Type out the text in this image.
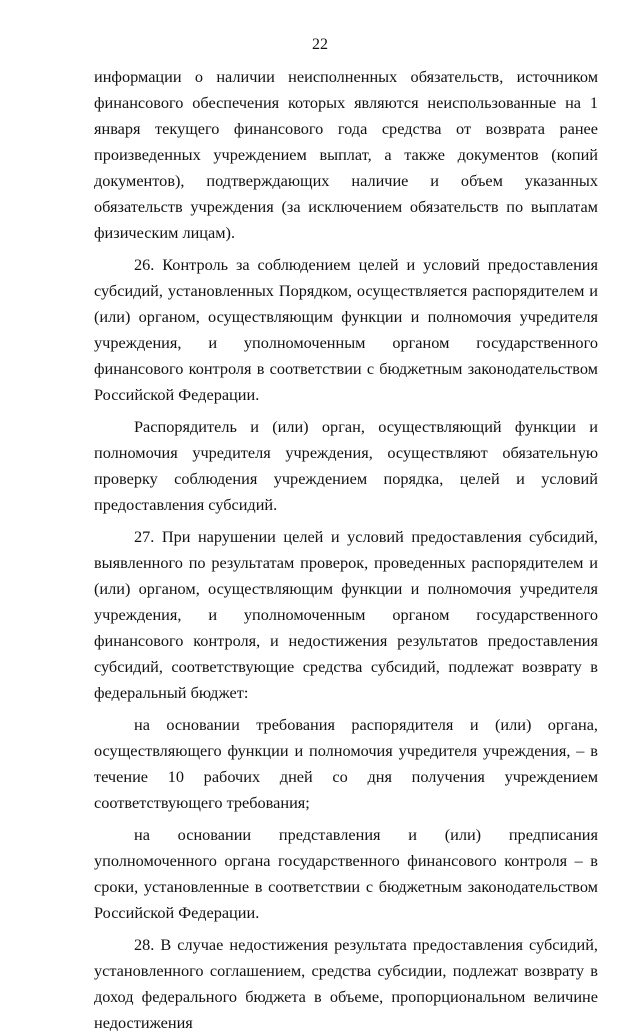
22

информации о наличии неисполненных обязательств, источником финансового обеспечения которых являются неиспользованные на 1 января текущего финансового года средства от возврата ранее произведенных учреждением выплат, а также документов (копий документов), подтверждающих наличие и объем указанных обязательств учреждения (за исключением обязательств по выплатам физическим лицам).

26. Контроль за соблюдением целей и условий предоставления субсидий, установленных Порядком, осуществляется распорядителем и (или) органом, осуществляющим функции и полномочия учредителя учреждения, и уполномоченным органом государственного финансового контроля в соответствии с бюджетным законодательством Российской Федерации.

Распорядитель и (или) орган, осуществляющий функции и полномочия учредителя учреждения, осуществляют обязательную проверку соблюдения учреждением порядка, целей и условий предоставления субсидий.

27. При нарушении целей и условий предоставления субсидий, выявленного по результатам проверок, проведенных распорядителем и (или) органом, осуществляющим функции и полномочия учредителя учреждения, и уполномоченным органом государственного финансового контроля, и недостижения результатов предоставления субсидий, соответствующие средства субсидий, подлежат возврату в федеральный бюджет:

на основании требования распорядителя и (или) органа, осуществляющего функции и полномочия учредителя учреждения, – в течение 10 рабочих дней со дня получения учреждением соответствующего требования;

на основании представления и (или) предписания уполномоченного органа государственного финансового контроля – в сроки, установленные в соответствии с бюджетным законодательством Российской Федерации.

28. В случае недостижения результата предоставления субсидий, установленного соглашением, средства субсидии, подлежат возврату в доход федерального бюджета в объеме, пропорциональном величине недостижения
